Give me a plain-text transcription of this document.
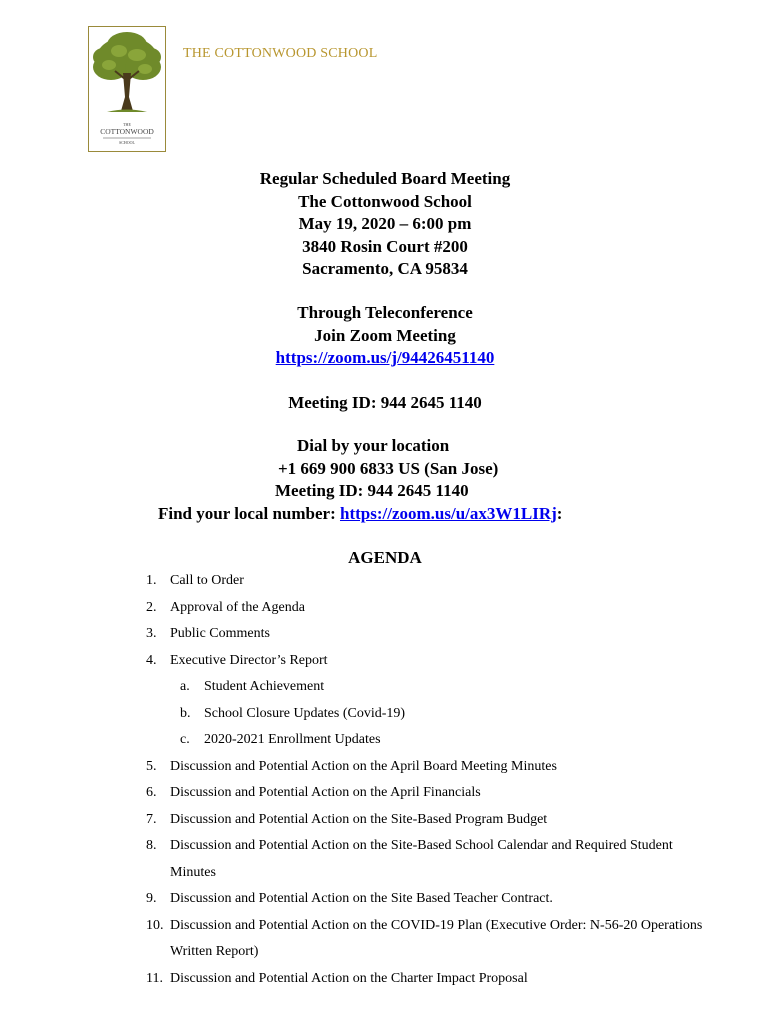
THE
COTTONWOOD
SCHOOL
THE COTTONWOOD SCHOOL
Regular Scheduled Board Meeting
The Cottonwood School
May 19, 2020 – 6:00 pm
3840 Rosin Court #200
Sacramento, CA 95834
Through Teleconference
Join Zoom Meeting
https://zoom.us/j/94426451140
Meeting ID: 944 2645 1140
Dial by your location
+1 669 900 6833 US (San Jose)
Meeting ID: 944 2645 1140
Find your local number: https://zoom.us/u/ax3W1LIRj:
AGENDA
1. Call to Order
2. Approval of the Agenda
3. Public Comments
4. Executive Director’s Report
a. Student Achievement
b. School Closure Updates (Covid-19)
c. 2020-2021 Enrollment Updates
5. Discussion and Potential Action on the April Board Meeting Minutes
6. Discussion and Potential Action on the April Financials
7. Discussion and Potential Action on the Site-Based Program Budget
8. Discussion and Potential Action on the Site-Based School Calendar and Required Student Minutes
9. Discussion and Potential Action on the Site Based Teacher Contract.
10. Discussion and Potential Action on the COVID-19 Plan (Executive Order: N-56-20 Operations Written Report)
11. Discussion and Potential Action on the Charter Impact Proposal
